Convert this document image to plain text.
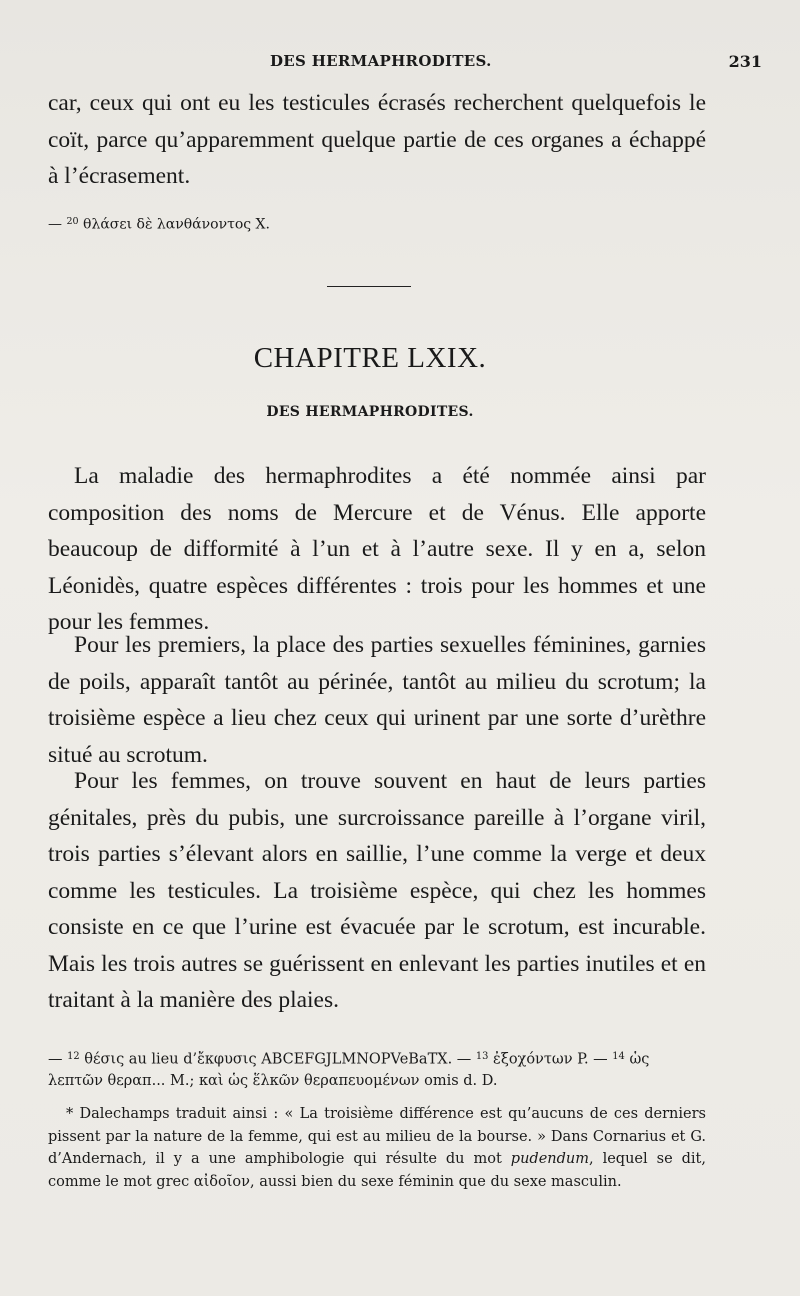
DES HERMAPHRODITES.	231

car, ceux qui ont eu les testicules écrasés recherchent quelquefois le coït, parce qu’apparemment quelque partie de ces organes a échappé à l’écrasement.

— $^{20}$ θλάσει δὲ λανθάνοντος X.
CHAPITRE LXIX.
DES HERMAPHRODITES.

La maladie des hermaphrodites a été nommée ainsi par composition des noms de Mercure et de Vénus. Elle apporte beaucoup de difformité à l’un et à l’autre sexe. Il y en a, selon Léonidès, quatre espèces différentes : trois pour les hommes et une pour les femmes.

Pour les premiers, la place des parties sexuelles féminines, garnies de poils, apparaît tantôt au périnée, tantôt au milieu du scrotum; la troisième espèce a lieu chez ceux qui urinent par une sorte d’urèthre situé au scrotum.

Pour les femmes, on trouve souvent en haut de leurs parties génitales, près du pubis, une surcroissance pareille à l’organe viril, trois parties s’élevant alors en saillie, l’une comme la verge et deux comme les testicules. La troisième espèce, qui chez les hommes consiste en ce que l’urine est évacuée par le scrotum, est incurable. Mais les trois autres se guérissent en enlevant les parties inutiles et en traitant à la manière des plaies.

— $^{12}$ θέσις au lieu d’ἔκφυσις ABCEFGJLMNOPVeBaTX. — $^{13}$ ἐξοχόντων P. — $^{14}$ ὡς λεπτῶν θεραπ... M.; καὶ ὡς ἕλκῶν θεραπευομένων omis d. D.

* Dalechamps traduit ainsi : « La troisième différence est qu’aucuns de ces derniers pissent par la nature de la femme, qui est au milieu de la bourse. » Dans Cornarius et G. d’Andernach, il y a une amphibologie qui résulte du mot pudendum, lequel se dit, comme le mot grec αἰδοῖον, aussi bien du sexe féminin que du sexe masculin.
